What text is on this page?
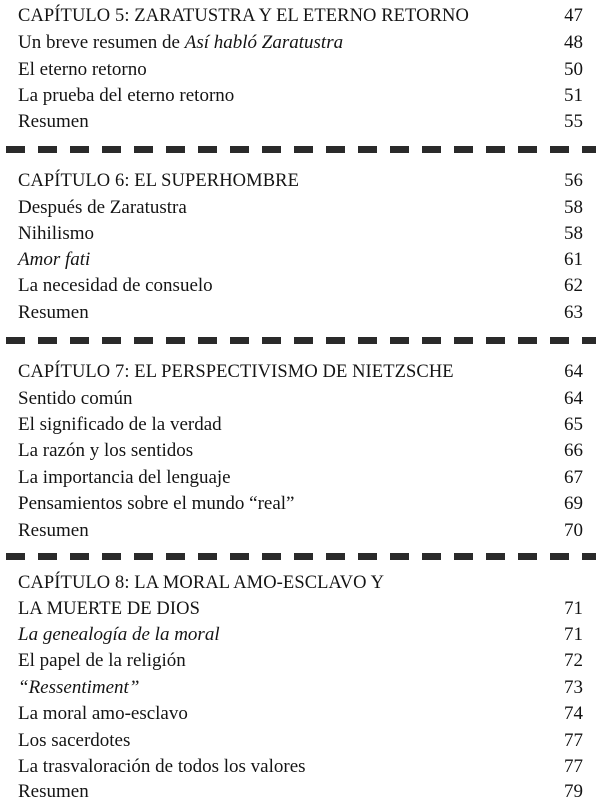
CAPÍTULO 5: ZARATUSTRA Y EL ETERNO RETORNO	47
Un breve resumen de Así habló Zaratustra	48
El eterno retorno	50
La prueba del eterno retorno	51
Resumen	55
CAPÍTULO 6: EL SUPERHOMBRE	56
Después de Zaratustra	58
Nihilismo	58
Amor fati	61
La necesidad de consuelo	62
Resumen	63
CAPÍTULO 7: EL PERSPECTIVISMO DE NIETZSCHE	64
Sentido común	64
El significado de la verdad	65
La razón y los sentidos	66
La importancia del lenguaje	67
Pensamientos sobre el mundo “real”	69
Resumen	70
CAPÍTULO 8: LA MORAL AMO-ESCLAVO Y
LA MUERTE DE DIOS	71
La genealogía de la moral	71
El papel de la religión	72
“Ressentiment”	73
La moral amo-esclavo	74
Los sacerdotes	77
La trasvaloración de todos los valores	77
Resumen	79
